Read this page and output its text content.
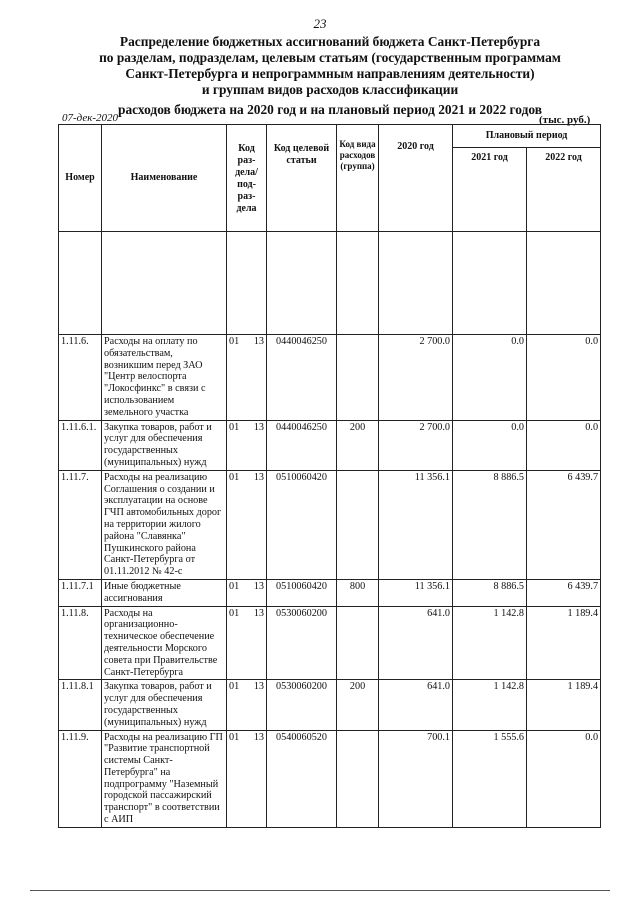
23
Распределение бюджетных ассигнований бюджета Санкт-Петербурга
по разделам, подразделам, целевым статьям (государственным программам
Санкт-Петербурга и непрограммным направлениям деятельности)
и группам видов расходов классификации
расходов бюджета на 2020 год и на плановый период 2021 и 2022 годов
07-дек-2020	(тыс. руб.)
Номер	Наименование	Код раз-дела/ под-раз-дела		Код целевой статьи	Код вида расходов (группа)	2020 год	Плановый период	
							2021 год	2022 год

1.11.6.	Расходы на оплату по обязательствам, возникшим перед ЗАО "Центр велоспорта "Локосфинкс" в связи с использованием земельного участка	01	13	0440046250		2 700.0	0.0	0.0
1.11.6.1.	Закупка товаров, работ и услуг для обеспечения государственных (муниципальных) нужд	01	13	0440046250	200	2 700.0	0.0	0.0
1.11.7.	Расходы на реализацию Соглашения о создании и эксплуатации на основе ГЧП автомобильных дорог на территории жилого района "Славянка" Пушкинского района Санкт-Петербурга от 01.11.2012 № 42-с	01	13	0510060420		11 356.1	8 886.5	6 439.7
1.11.7.1	Иные бюджетные ассигнования	01	13	0510060420	800	11 356.1	8 886.5	6 439.7
1.11.8.	Расходы на организационно-техническое обеспечение деятельности Морского совета при Правительстве Санкт-Петербурга	01	13	0530060200		641.0	1 142.8	1 189.4
1.11.8.1	Закупка товаров, работ и услуг для обеспечения государственных (муниципальных) нужд	01	13	0530060200	200	641.0	1 142.8	1 189.4
1.11.9.	Расходы на реализацию ГП "Развитие транспортной системы Санкт-Петербурга" на подпрограмму "Наземный городской пассажирский транспорт" в соответствии с АИП	01	13	0540060520		700.1	1 555.6	0.0
